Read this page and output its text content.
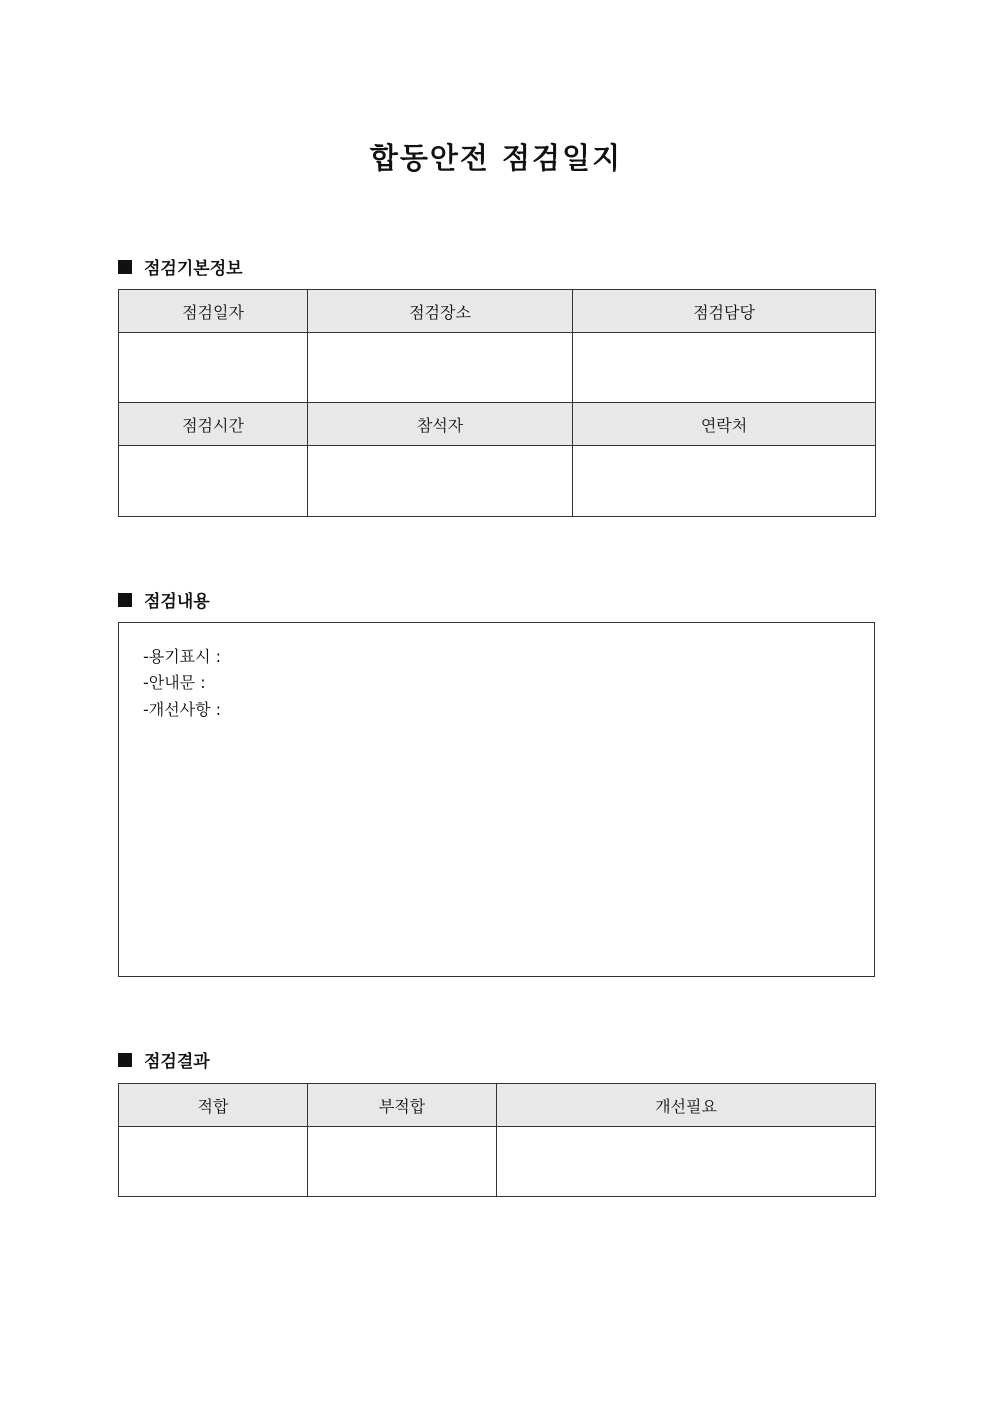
합동안전 점검일지
점검기본정보
점검일자	점검장소	점검담당

점검시간	참석자	연락처

점검내용
-용기표시 :
-안내문 :
-개선사항 :
점검결과
적합	부적합	개선필요
